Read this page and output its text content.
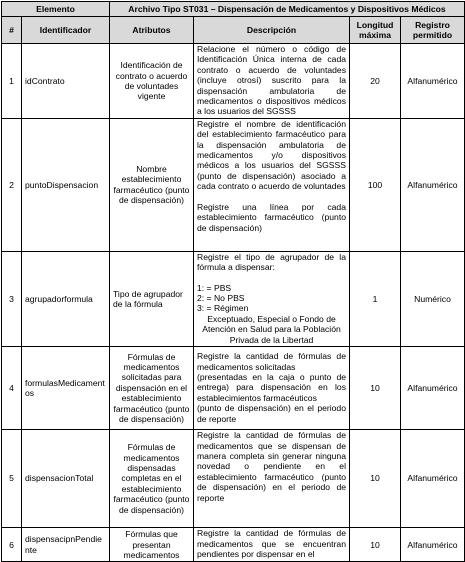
Elemento		Archivo Tipo ST031 – Dispensación de Medicamentos y Dispositivos Médicos			
#	Identificador	Atributos	Descripción	Longitud máxima	Registro permitido
1	idContrato	Identificación de contrato o acuerdo de voluntades vigente	Relacione el número o código de Identificación Única interna de cada contrato o acuerdo de voluntades (incluye otrosí) suscrito para la dispensación ambulatoria de medicamentos o dispositivos médicos a los usuarios del SGSSS	20	Alfanumérico
2	puntoDispensacion	Nombre establecimiento farmacéutico (punto de dispensación)	Registre el nombre de identificación del establecimiento farmacéutico para la dispensación ambulatoria de medicamentos y/o dispositivos médicos a los usuarios del SGSSS (punto de dispensación) asociado a cada contrato o acuerdo de voluntades
Registre una línea por cada establecimiento farmacéutico (punto de dispensación)	100	Alfanumérico
3	agrupadorformula	Tipo de agrupador de la fórmula	Registre el tipo de agrupador de la fórmula a dispensar:
1: = PBS
2: = No PBS
3: = Régimen
Exceptuado, Especial o Fondo de Atención en Salud para la Población Privada de la Libertad	1	Numérico
4	formulasMedicamentos	Fórmulas de medicamentos solicitadas para dispensación en el establecimiento farmacéutico (punto de dispensación)	Registre la cantidad de fórmulas de medicamentos solicitadas
(presentadas en la caja o punto de entrega) para dispensación en los establecimientos farmacéuticos
(punto de dispensación) en el periodo de reporte	10	Alfanumérico
5	dispensacionTotal	Fórmulas de medicamentos dispensadas completas en el establecimiento farmacéutico (punto de dispensación)	Registre la cantidad de fórmulas de medicamentos que se dispensan de manera completa sin generar ninguna novedad o pendiente en el establecimiento farmacéutico (punto de dispensación) en el periodo de reporte	10	Alfanumérico
6	dispensacipnPendiente	Fórmulas que presentan medicamentos	Registre la cantidad de fórmulas de medicamentos que se encuentran pendientes por dispensar en el	10	Alfanumérico
